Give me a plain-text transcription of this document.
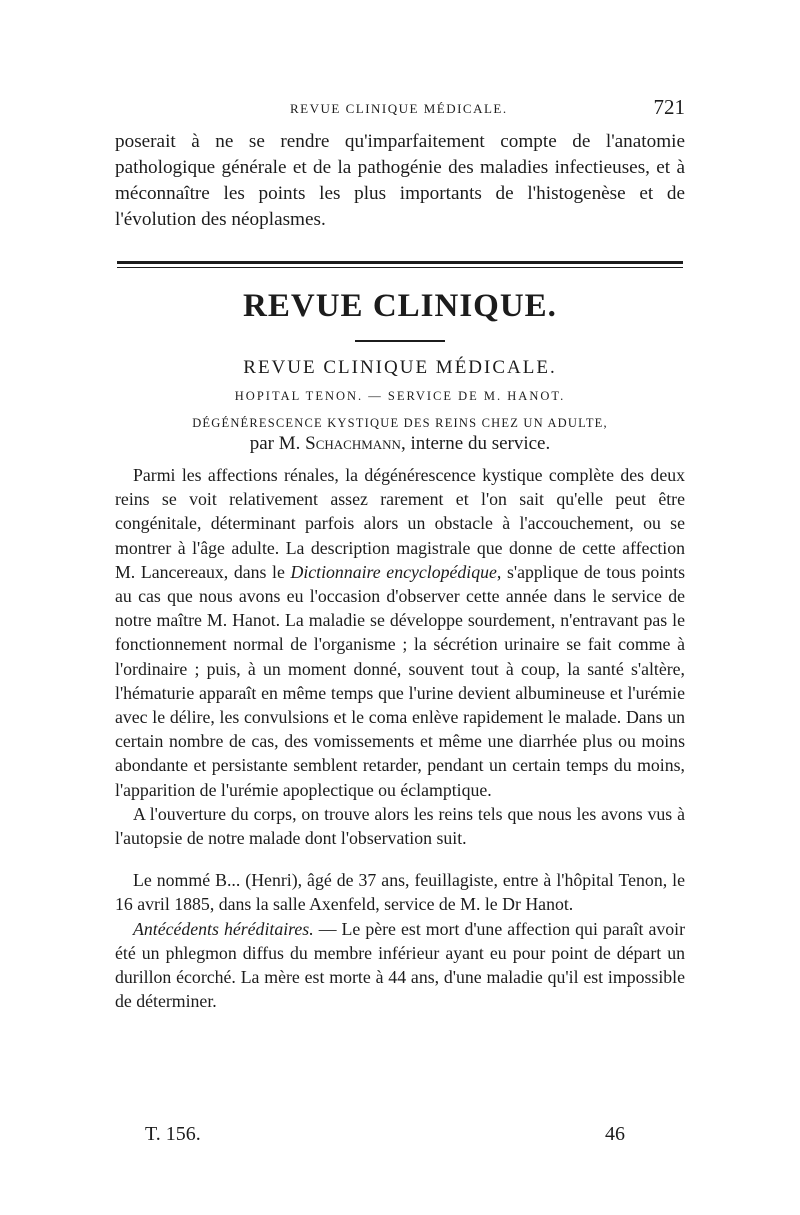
REVUE CLINIQUE MÉDICALE.	721

poserait à ne se rendre qu'imparfaitement compte de l'anatomie pathologique générale et de la pathogénie des maladies infectieuses, et à méconnaître les points les plus importants de l'histogenèse et de l'évolution des néoplasmes.

REVUE CLINIQUE.
REVUE CLINIQUE MÉDICALE.
HOPITAL TENON. — SERVICE DE M. HANOT.
DÉGÉNÉRESCENCE KYSTIQUE DES REINS CHEZ UN ADULTE,
par M. Schachmann, interne du service.

Parmi les affections rénales, la dégénérescence kystique complète des deux reins se voit relativement assez rarement et l'on sait qu'elle peut être congénitale, déterminant parfois alors un obstacle à l'accouchement, ou se montrer à l'âge adulte. La description magistrale que donne de cette affection M. Lancereaux, dans le Dictionnaire encyclopédique, s'applique de tous points au cas que nous avons eu l'occasion d'observer cette année dans le service de notre maître M. Hanot. La maladie se développe sourdement, n'entravant pas le fonctionnement normal de l'organisme ; la sécrétion urinaire se fait comme à l'ordinaire ; puis, à un moment donné, souvent tout à coup, la santé s'altère, l'hématurie apparaît en même temps que l'urine devient albumineuse et l'urémie avec le délire, les convulsions et le coma enlève rapidement le malade. Dans un certain nombre de cas, des vomissements et même une diarrhée plus ou moins abondante et persistante semblent retarder, pendant un certain temps du moins, l'apparition de l'urémie apoplectique ou éclamptique.

A l'ouverture du corps, on trouve alors les reins tels que nous les avons vus à l'autopsie de notre malade dont l'observation suit.

Le nommé B... (Henri), âgé de 37 ans, feuillagiste, entre à l'hôpital Tenon, le 16 avril 1885, dans la salle Axenfeld, service de M. le Dr Hanot.

Antécédents héréditaires. — Le père est mort d'une affection qui paraît avoir été un phlegmon diffus du membre inférieur ayant eu pour point de départ un durillon écorché. La mère est morte à 44 ans, d'une maladie qu'il est impossible de déterminer.

T. 156.	46
